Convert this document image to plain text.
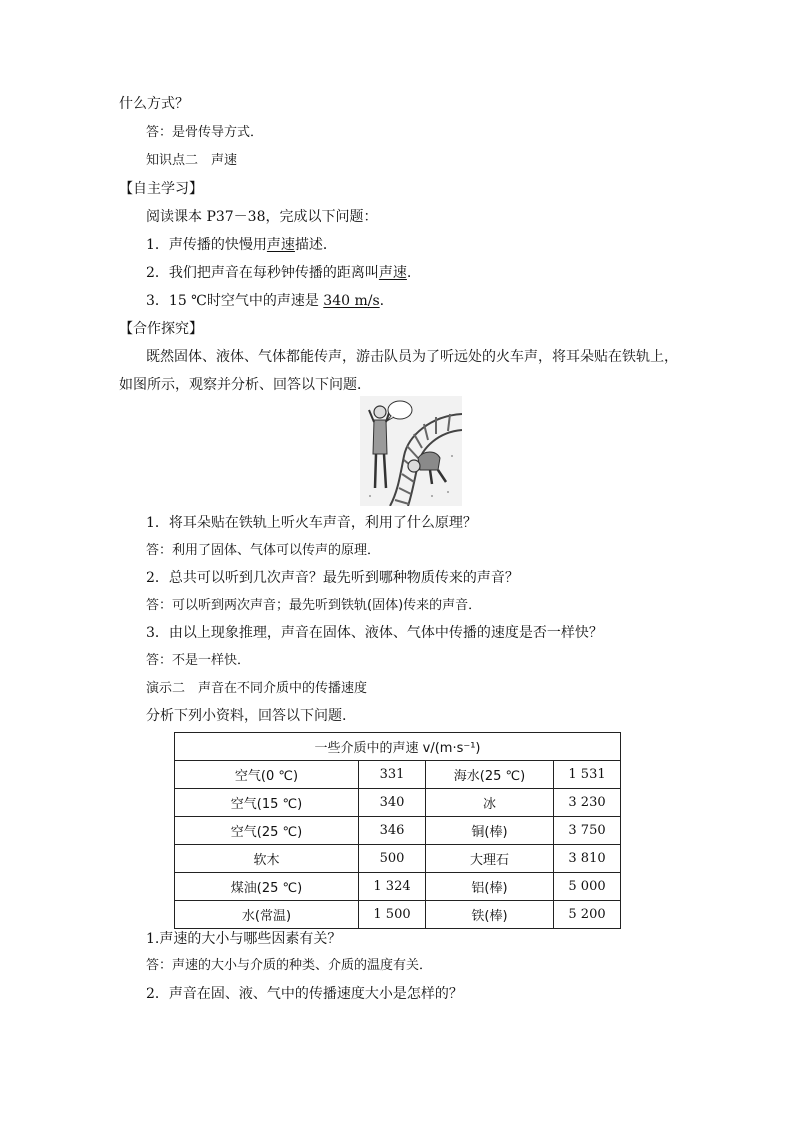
什么方式？
答：是骨传导方式．
知识点二　声速
【自主学习】
阅读课本 P37－38，完成以下问题：
1．声传播的快慢用声速描述．
2．我们把声音在每秒钟传播的距离叫声速.
3．15 ℃时空气中的声速是 340 m/s.
【合作探究】
既然固体、液体、气体都能传声，游击队员为了听远处的火车声，将耳朵贴在铁轨上，
如图所示，观察并分析、回答以下问题．
1．将耳朵贴在铁轨上听火车声音，利用了什么原理？
答：利用了固体、气体可以传声的原理．
2．总共可以听到几次声音？最先听到哪种物质传来的声音？
答：可以听到两次声音；最先听到铁轨(固体)传来的声音．
3．由以上现象推理，声音在固体、液体、气体中传播的速度是否一样快？
答：不是一样快．
演示二　声音在不同介质中的传播速度
分析下列小资料，回答以下问题.
一些介质中的声速 v/(m·s⁻¹)			
空气(0 ℃)	331	海水(25 ℃)	1 531
空气(15 ℃)	340	冰	3 230
空气(25 ℃)	346	铜(棒)	3 750
软木	500	大理石	3 810
煤油(25 ℃)	1 324	铝(棒)	5 000
水(常温)	1 500	铁(棒)	5 200
1.声速的大小与哪些因素有关？
答：声速的大小与介质的种类、介质的温度有关．
2．声音在固、液、气中的传播速度大小是怎样的？
